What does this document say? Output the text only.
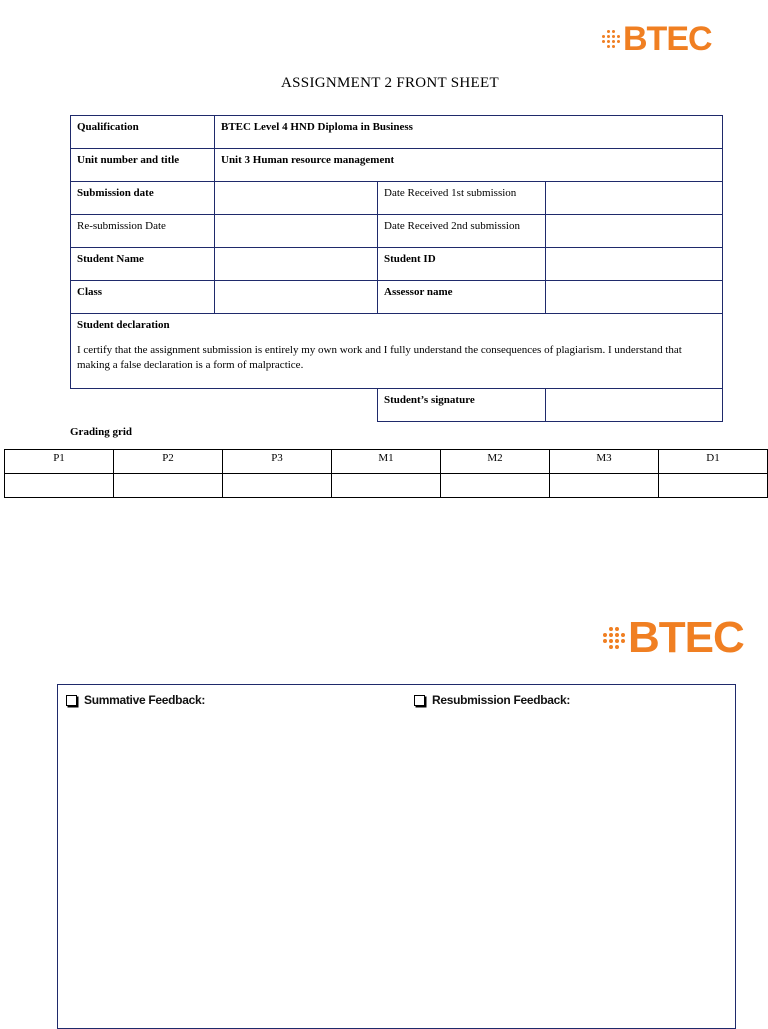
BTEC
ASSIGNMENT 2 FRONT SHEET
Qualification	BTEC Level 4 HND Diploma in Business		
Unit number and title	Unit 3 Human resource management		
Submission date		Date Received 1st submission	
Re-submission Date		Date Received 2nd submission	
Student Name		Student ID	
Class		Assessor name	

Student declaration
I certify that the assignment submission is entirely my own work and I fully understand the consequences of plagiarism. I understand that making a false declaration is a form of malpractice.			

		Student’s signature	
Grading grid
P1	P2	P3	M1	M2	M3	D1

BTEC
Summative Feedback:	Resubmission Feedback:
